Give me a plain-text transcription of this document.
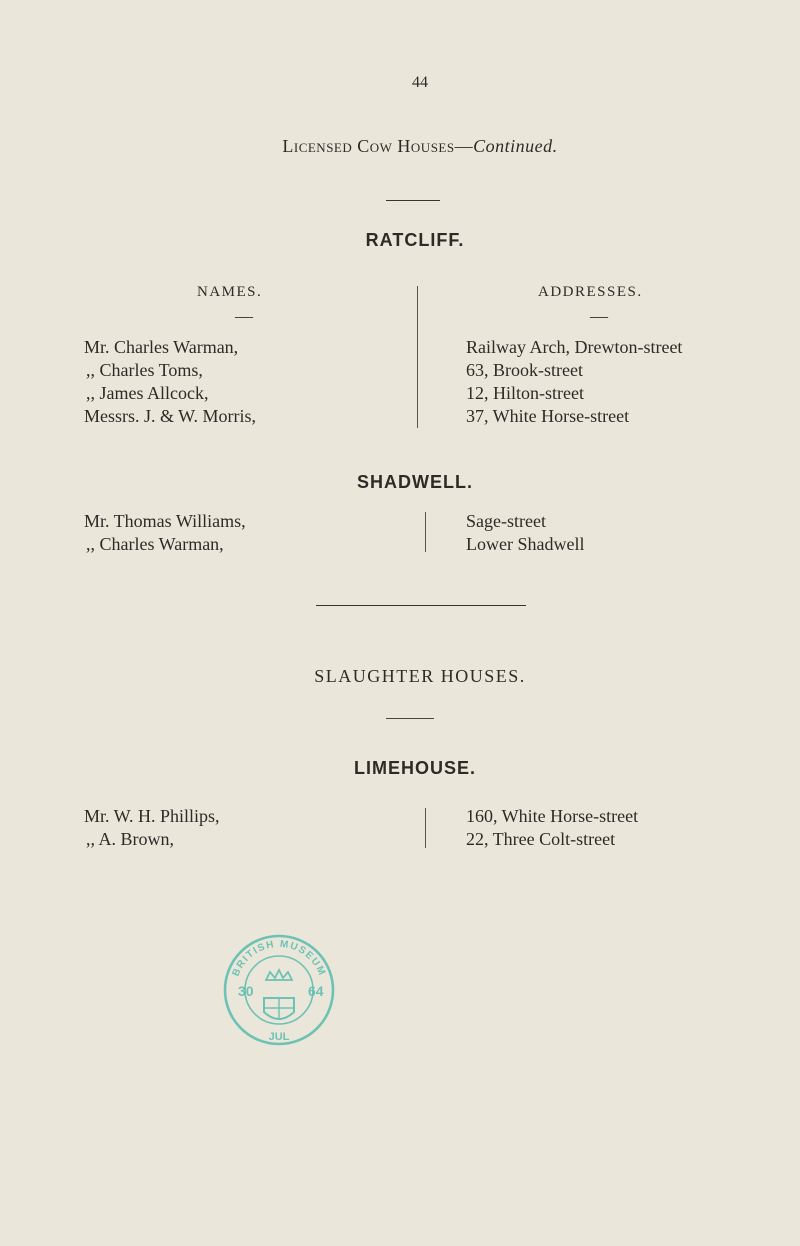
44
Licensed Cow Houses—Continued.
RATCLIFF.
NAMES.	ADDRESSES.
—	—
Mr. Charles Warman,	Railway Arch, Drewton-street
,, Charles Toms,	63, Brook-street
,, James Allcock,	12, Hilton-street
Messrs. J. & W. Morris,	37, White Horse-street
SHADWELL.
Mr. Thomas Williams,	Sage-street
,, Charles Warman,	Lower Shadwell
SLAUGHTER HOUSES.
LIMEHOUSE.
Mr. W. H. Phillips,	160, White Horse-street
,, A. Brown,	22, Three Colt-street
BRITISH MUSEUM
30	64
JUL
